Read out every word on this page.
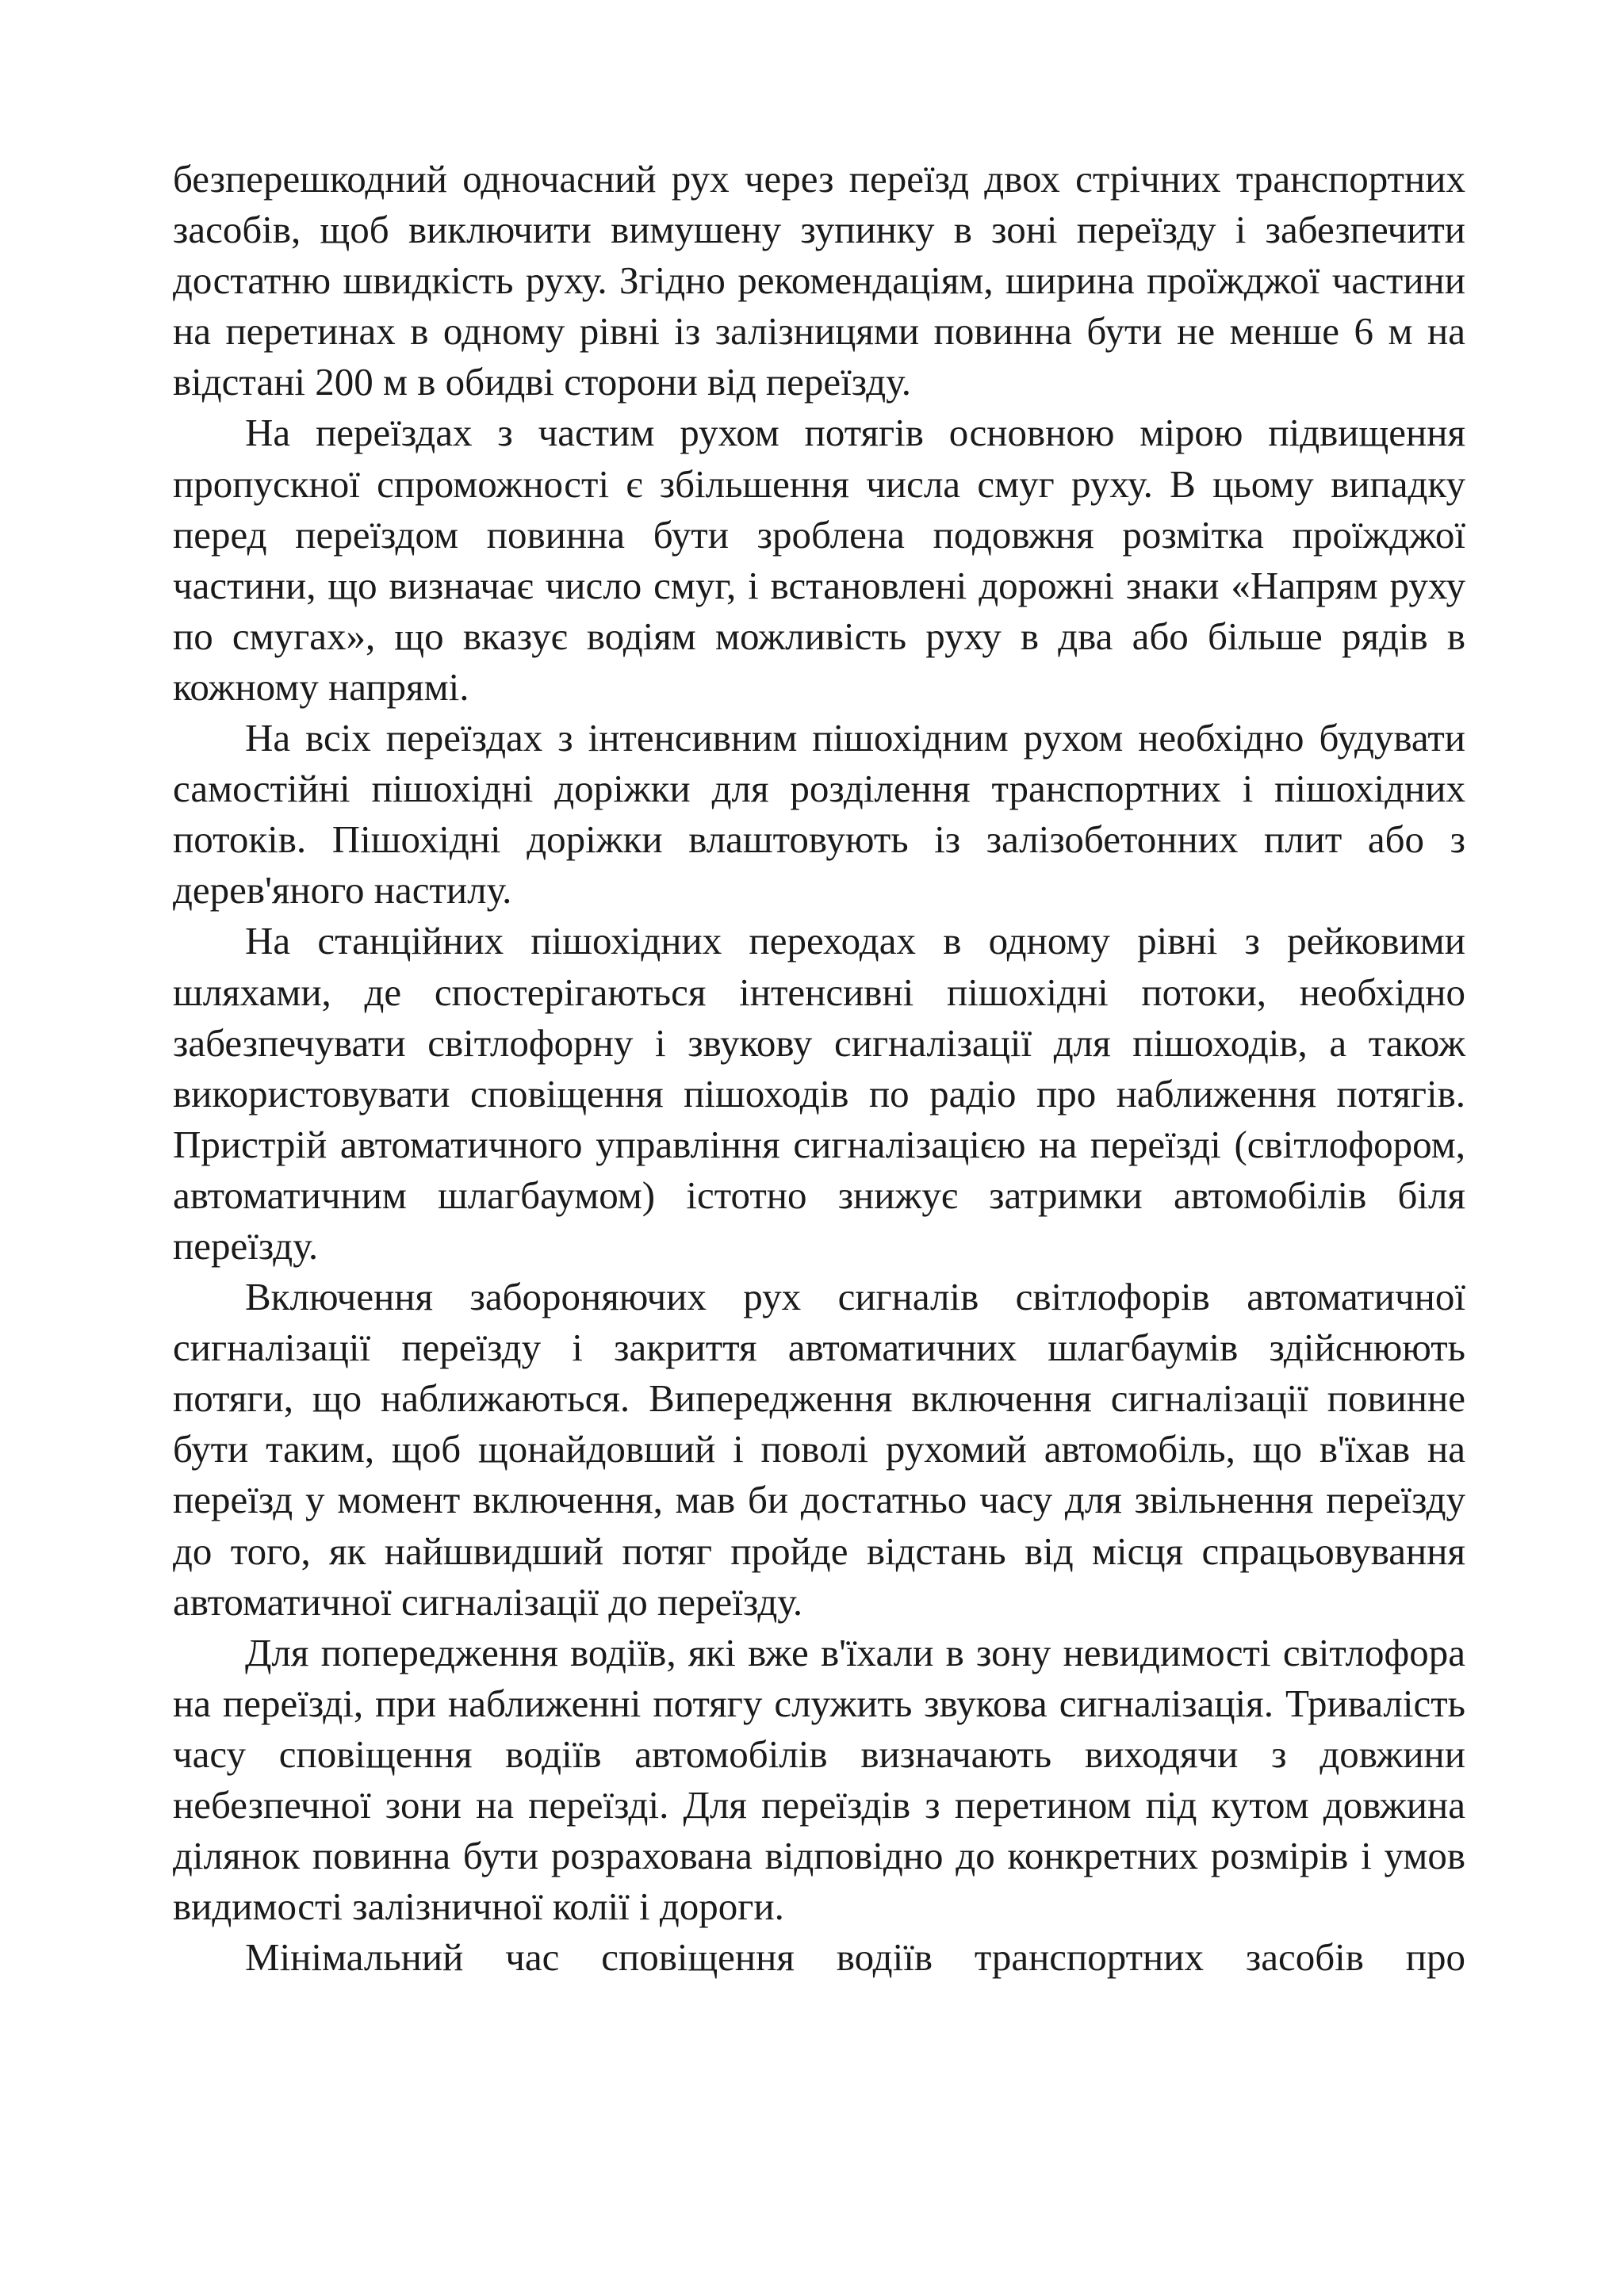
безперешкодний одночасний рух через переїзд двох стрічних транспортних засобів, щоб виключити вимушену зупинку в зоні переїзду і забезпечити достатню швидкість руху. Згідно рекомендаціям, ширина проїжджої частини на перетинах в одному рівні із залізницями повинна бути не менше 6 м на відстані 200 м в обидві сторони від переїзду.

На переїздах з частим рухом потягів основною мірою підвищення пропускної спроможності є збільшення числа смуг руху. В цьому випадку перед переїздом повинна бути зроблена подовжня розмітка проїжджої частини, що визначає число смуг, і встановлені дорожні знаки «Напрям руху по смугах», що вказує водіям можливість руху в два або більше рядів в кожному напрямі.

На всіх переїздах з інтенсивним пішохідним рухом необхідно будувати самостійні пішохідні доріжки для розділення транспортних і пішохідних потоків. Пішохідні доріжки влаштовують із залізобетонних плит або з дерев'яного настилу.

На станційних пішохідних переходах в одному рівні з рейковими шляхами, де спостерігаються інтенсивні пішохідні потоки, необхідно забезпечувати світлофорну і звукову сигналізації для пішоходів, а також використовувати сповіщення пішоходів по радіо про наближення потягів. Пристрій автоматичного управління сигналізацією на переїзді (світлофором, автоматичним шлагбаумом) істотно знижує затримки автомобілів біля переїзду.

Включення забороняючих рух сигналів світлофорів автоматичної сигналізації переїзду і закриття автоматичних шлагбаумів здійснюють потяги, що наближаються. Випередження включення сигналізації повинне бути таким, щоб щонайдовший і поволі рухомий автомобіль, що в'їхав на переїзд у момент включення, мав би достатньо часу для звільнення переїзду до того, як найшвидший потяг пройде відстань від місця спрацьовування автоматичної сигналізації до переїзду.

Для попередження водіїв, які вже в'їхали в зону невидимості світлофора на переїзді, при наближенні потягу служить звукова сигналізація. Тривалість часу сповіщення водіїв автомобілів визначають виходячи з довжини небезпечної зони на переїзді. Для переїздів з перетином під кутом довжина ділянок повинна бути розрахована відповідно до конкретних розмірів і умов видимості залізничної колії і дороги.

Мінімальний час сповіщення водіїв транспортних засобів про
